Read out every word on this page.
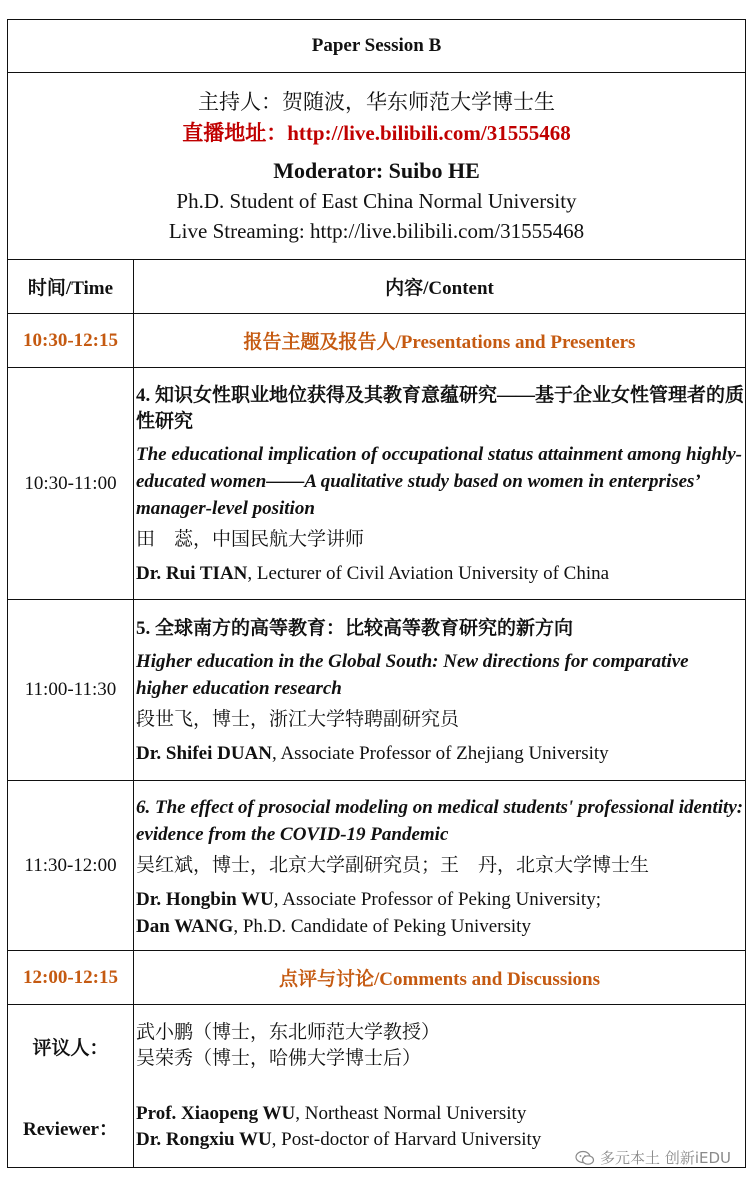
Paper Session B	

主持人：贺随波，华东师范大学博士生
直播地址：http://live.bilibili.com/31555468
Moderator: Suibo HE
Ph.D. Student of East China Normal University
Live Streaming: http://live.bilibili.com/31555468	

时间/Time	内容/Content
10:30-12:15	报告主题及报告人/Presentations and Presenters
10:30-11:00	4. 知识女性职业地位获得及其教育意蕴研究——基于企业女性管理者的质性研究
The educational implication of occupational status attainment among highly-educated women——A qualitative study based on women in enterprises’ manager-level position
田　蕊，中国民航大学讲师
Dr. Rui TIAN, Lecturer of Civil Aviation University of China

11:00-11:30	5. 全球南方的高等教育：比较高等教育研究的新方向
Higher education in the Global South: New directions for comparative higher education research
段世飞，博士，浙江大学特聘副研究员
Dr. Shifei DUAN, Associate Professor of Zhejiang University

11:30-12:00	6. The effect of prosocial modeling on medical students' professional identity: evidence from the COVID-19 Pandemic
吴红斌，博士，北京大学副研究员；王　丹，北京大学博士生
Dr. Hongbin WU, Associate Professor of Peking University;
Dan WANG, Ph.D. Candidate of Peking University

12:00-12:15	点评与讨论/Comments and Discussions
评议人：	武小鹏（博士，东北师范大学教授）
吴荣秀（博士，哈佛大学博士后）

Reviewer：	Prof. Xiaopeng WU, Northeast Normal University
Dr. Rongxiu WU, Post-doctor of Harvard University
多元本土 创新iEDU
